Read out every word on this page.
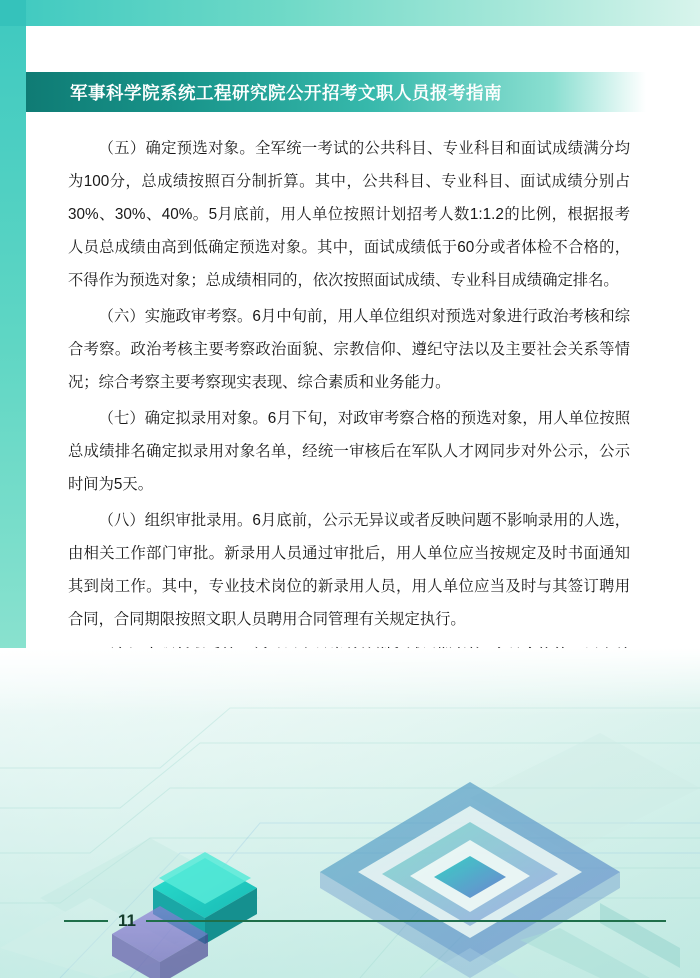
军事科学院系统工程研究院公开招考文职人员报考指南

（五）确定预选对象。全军统一考试的公共科目、专业科目和面试成绩满分均为100分，总成绩按照百分制折算。其中，公共科目、专业科目、面试成绩分别占30%、30%、40%。5月底前，用人单位按照计划招考人数1:1.2的比例，根据报考人员总成绩由高到低确定预选对象。其中，面试成绩低于60分或者体检不合格的，不得作为预选对象；总成绩相同的，依次按照面试成绩、专业科目成绩确定排名。

（六）实施政审考察。6月中旬前，用人单位组织对预选对象进行政治考核和综合考察。政治考核主要考察政治面貌、宗教信仰、遵纪守法以及主要社会关系等情况；综合考察主要考察现实表现、综合素质和业务能力。

（七）确定拟录用对象。6月下旬，对政审考察合格的预选对象，用人单位按照总成绩排名确定拟录用对象名单，经统一审核后在军队人才网同步对外公示，公示时间为5天。

（八）组织审批录用。6月底前，公示无异议或者反映问题不影响录用的人选，由相关工作部门审批。新录用人员通过审批后，用人单位应当按规定及时书面通知其到岗工作。其中，专业技术岗位的新录用人员，用人单位应当及时与其签订聘用合同，合同期限按照文职人员聘用合同管理有关规定执行。

11
